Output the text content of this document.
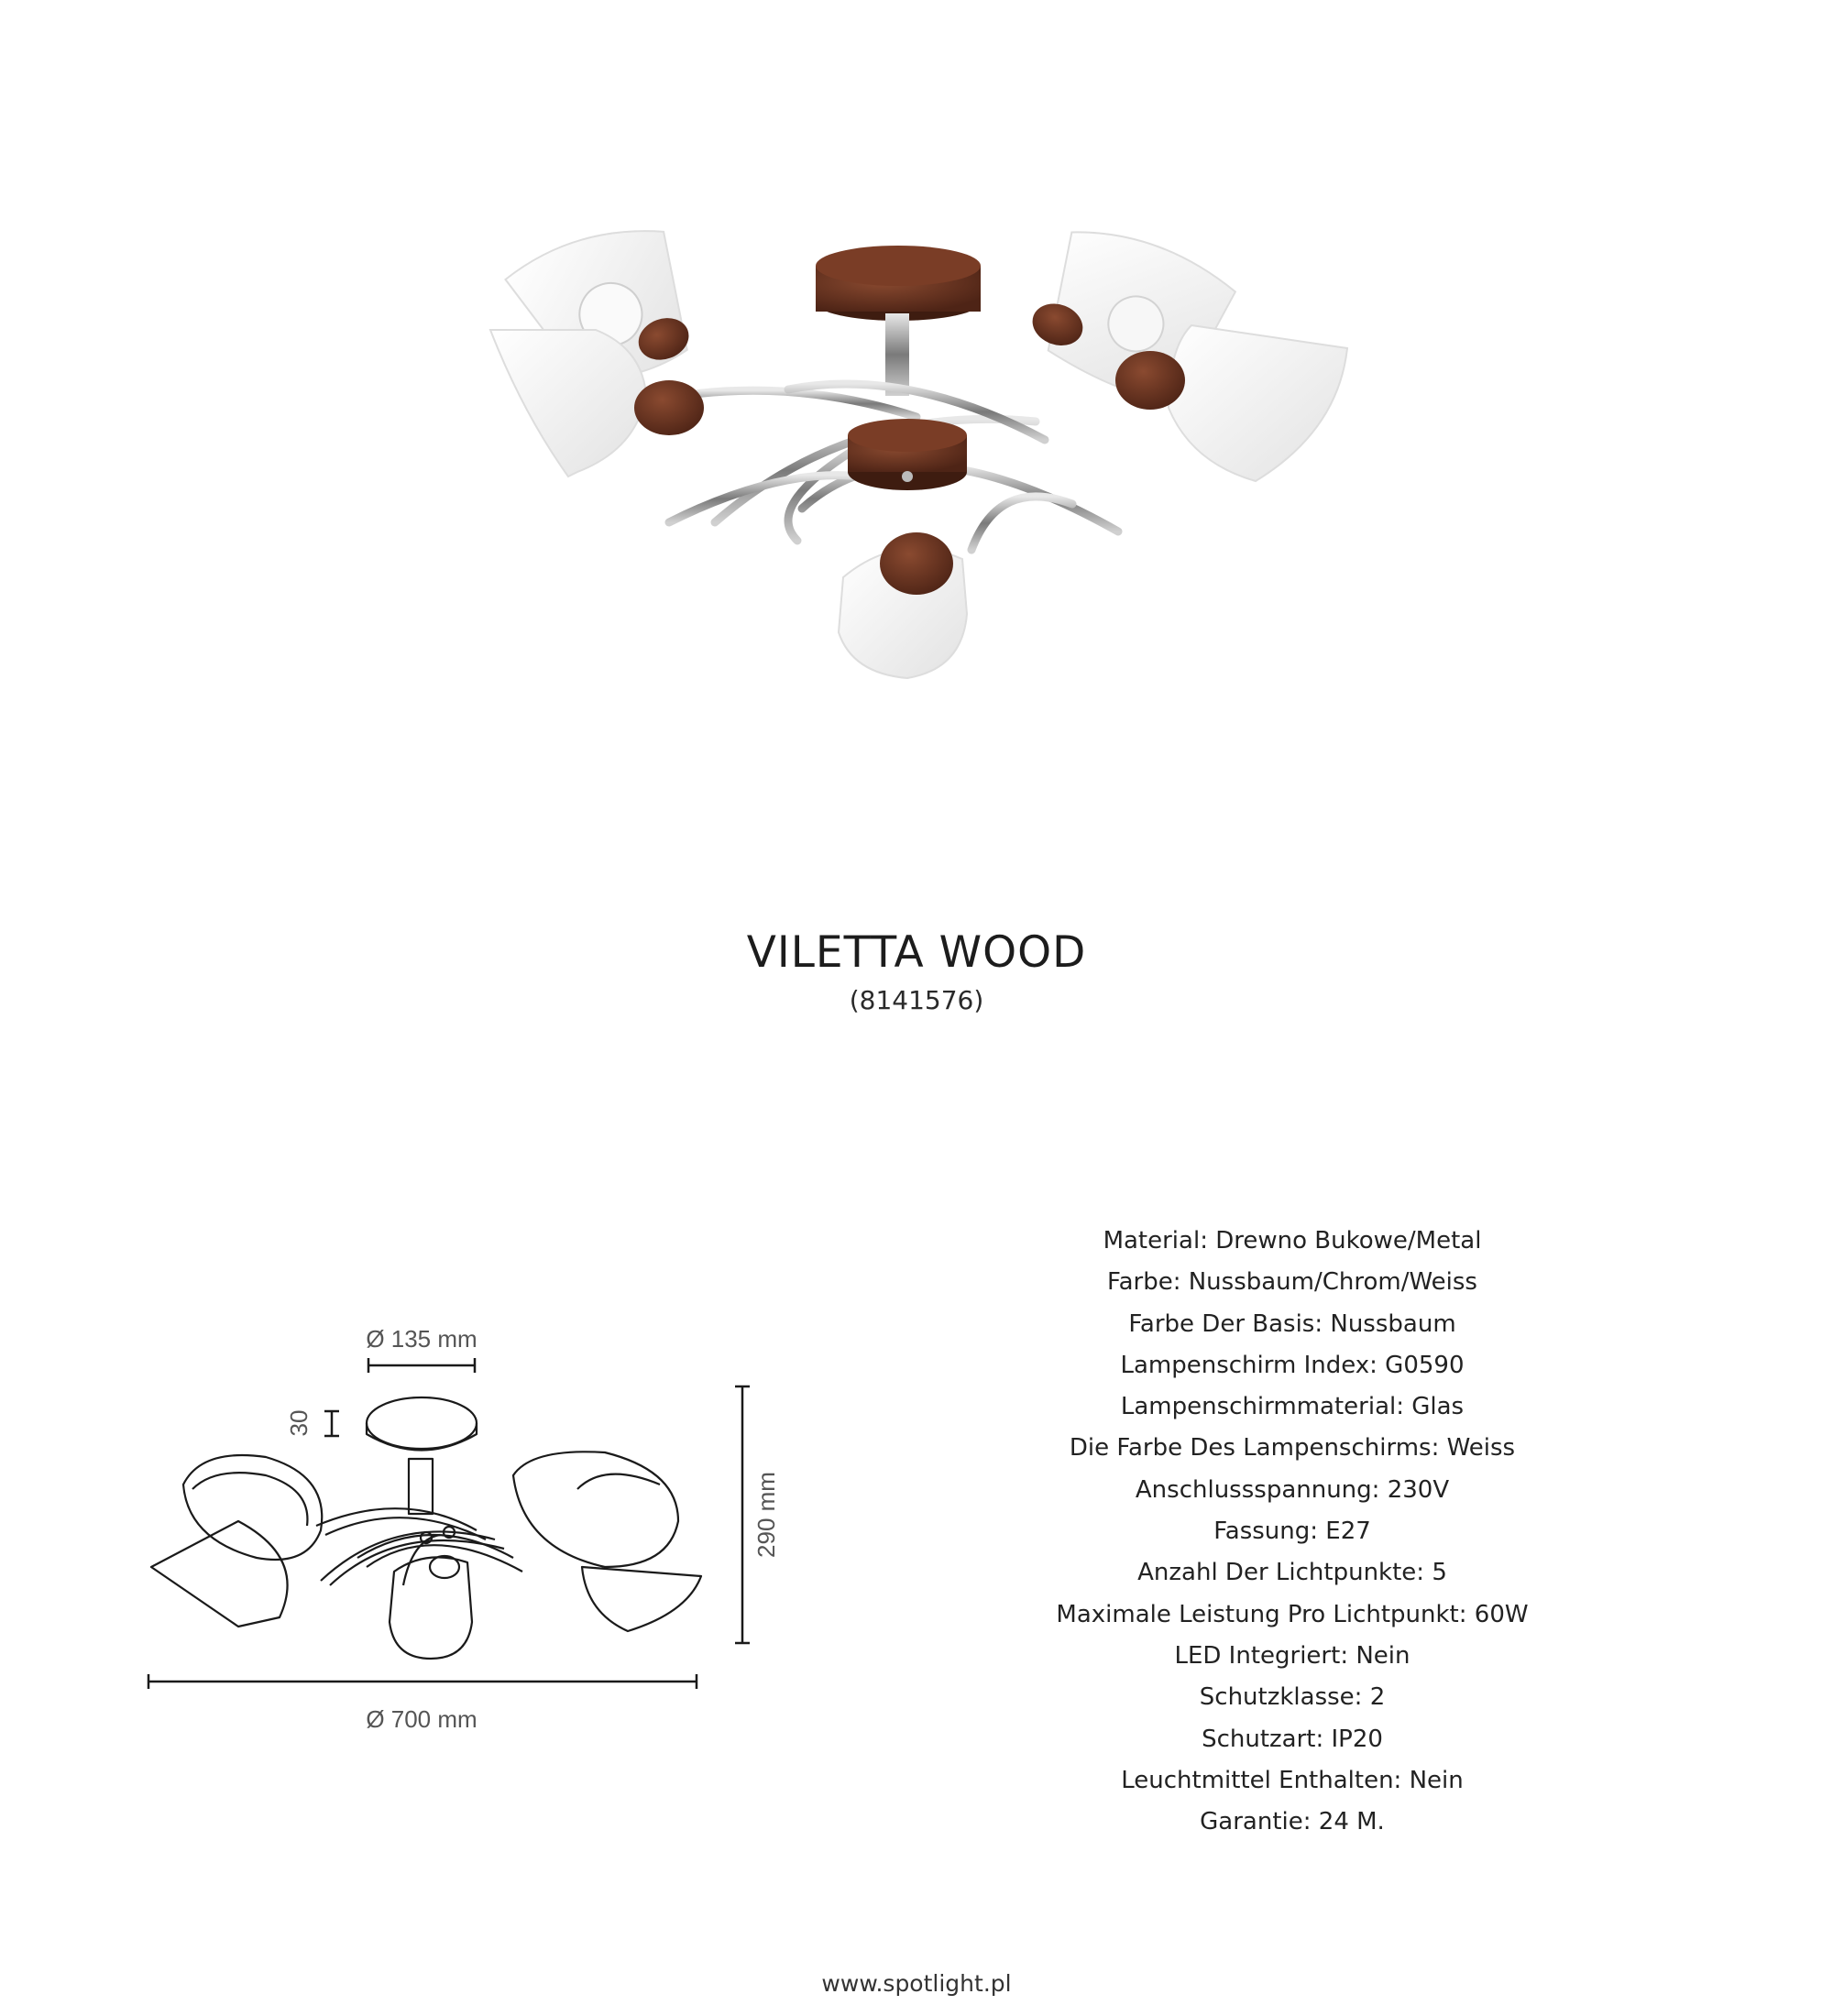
VILETTA WOOD
(8141576)
Ø 135 mm
30
290 mm
Ø 700 mm
Material: Drewno Bukowe/Metal
Farbe: Nussbaum/Chrom/Weiss
Farbe Der Basis: Nussbaum
Lampenschirm Index: G0590
Lampenschirmmaterial: Glas
Die Farbe Des Lampenschirms: Weiss
Anschlussspannung: 230V
Fassung: E27
Anzahl Der Lichtpunkte: 5
Maximale Leistung Pro Lichtpunkt: 60W
LED Integriert: Nein
Schutzklasse: 2
Schutzart: IP20
Leuchtmittel Enthalten: Nein
Garantie: 24 M.
www.spotlight.pl
